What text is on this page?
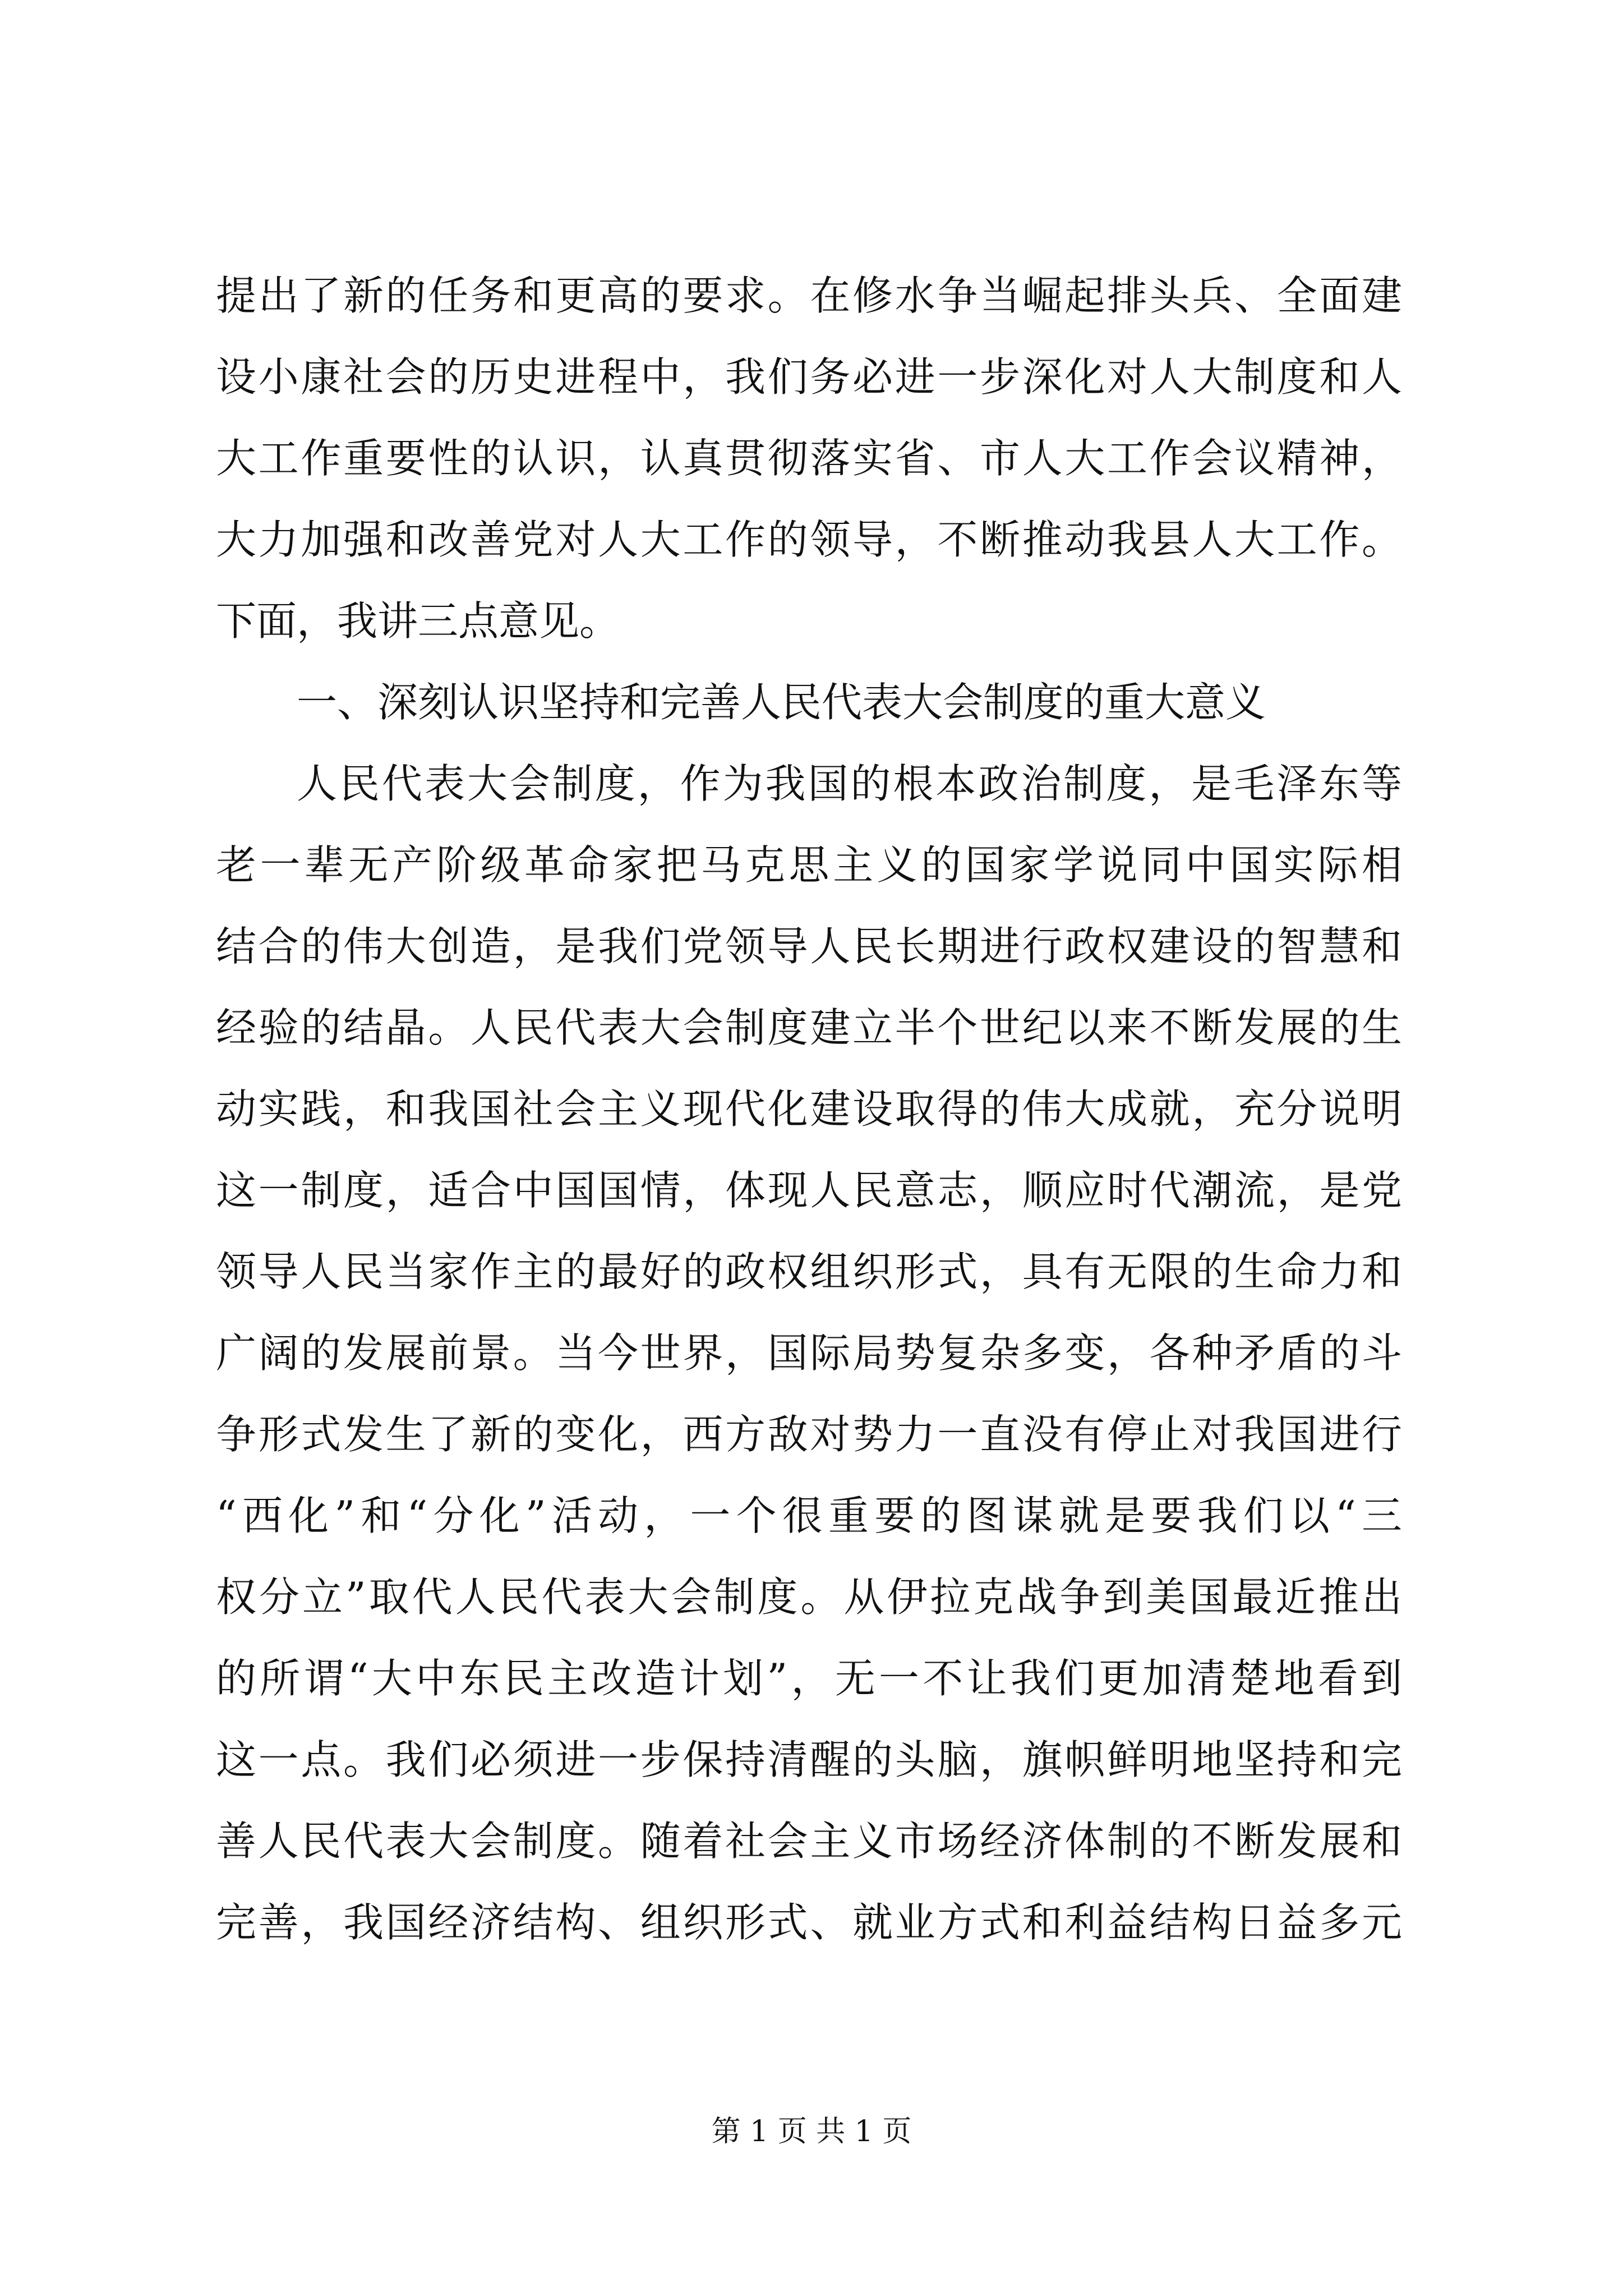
提出了新的任务和更高的要求。在修水争当崛起排头兵、全面建
设小康社会的历史进程中，我们务必进一步深化对人大制度和人
大工作重要性的认识，认真贯彻落实省、市人大工作会议精神，
大力加强和改善党对人大工作的领导，不断推动我县人大工作。
下面，我讲三点意见。
一、深刻认识坚持和完善人民代表大会制度的重大意义
人民代表大会制度，作为我国的根本政治制度，是毛泽东等
老一辈无产阶级革命家把马克思主义的国家学说同中国实际相
结合的伟大创造，是我们党领导人民长期进行政权建设的智慧和
经验的结晶。人民代表大会制度建立半个世纪以来不断发展的生
动实践，和我国社会主义现代化建设取得的伟大成就，充分说明
这一制度，适合中国国情，体现人民意志，顺应时代潮流，是党
领导人民当家作主的最好的政权组织形式，具有无限的生命力和
广阔的发展前景。当今世界，国际局势复杂多变，各种矛盾的斗
争形式发生了新的变化，西方敌对势力一直没有停止对我国进行
“西化”和“分化”活动，一个很重要的图谋就是要我们以“三
权分立”取代人民代表大会制度。从伊拉克战争到美国最近推出
的所谓“大中东民主改造计划”，无一不让我们更加清楚地看到
这一点。我们必须进一步保持清醒的头脑，旗帜鲜明地坚持和完
善人民代表大会制度。随着社会主义市场经济体制的不断发展和
完善，我国经济结构、组织形式、就业方式和利益结构日益多元
第 1 页 共 1 页
